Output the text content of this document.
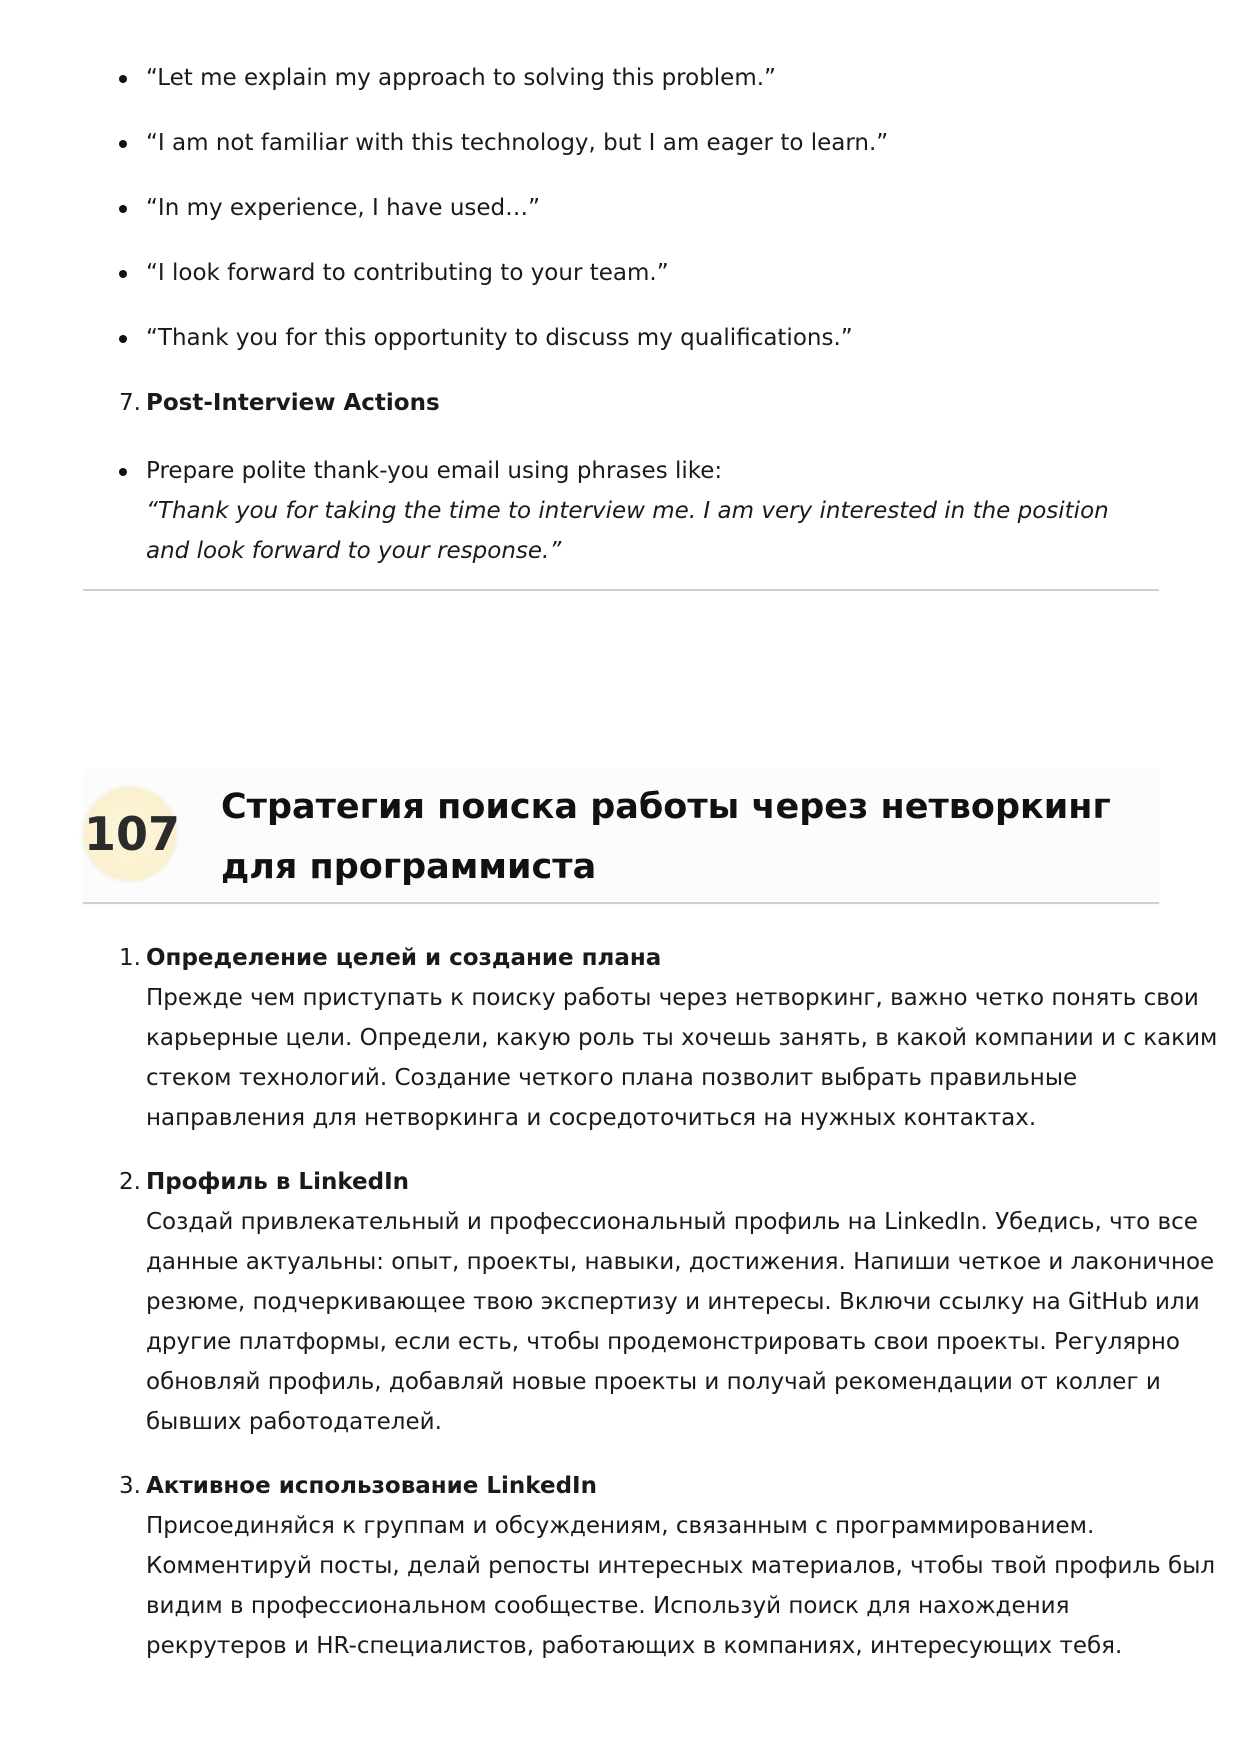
“Let me explain my approach to solving this problem.”
“I am not familiar with this technology, but I am eager to learn.”
“In my experience, I have used…”
“I look forward to contributing to your team.”
“Thank you for this opportunity to discuss my qualifications.”
7. Post-Interview Actions
Prepare polite thank-you email using phrases like:
“Thank you for taking the time to interview me. I am very interested in the position and look forward to your response.”
107 Стратегия поиска работы через нетворкинг для программиста
1. Определение целей и создание плана
Прежде чем приступать к поиску работы через нетворкинг, важно четко понять свои
карьерные цели. Определи, какую роль ты хочешь занять, в какой компании и с каким
стеком технологий. Создание четкого плана позволит выбрать правильные
направления для нетворкинга и сосредоточиться на нужных контактах.
2. Профиль в LinkedIn
Создай привлекательный и профессиональный профиль на LinkedIn. Убедись, что все
данные актуальны: опыт, проекты, навыки, достижения. Напиши четкое и лаконичное
резюме, подчеркивающее твою экспертизу и интересы. Включи ссылку на GitHub или
другие платформы, если есть, чтобы продемонстрировать свои проекты. Регулярно
обновляй профиль, добавляй новые проекты и получай рекомендации от коллег и
бывших работодателей.
3. Активное использование LinkedIn
Присоединяйся к группам и обсуждениям, связанным с программированием.
Комментируй посты, делай репосты интересных материалов, чтобы твой профиль был
видим в профессиональном сообществе. Используй поиск для нахождения
рекрутеров и HR-специалистов, работающих в компаниях, интересующих тебя.
